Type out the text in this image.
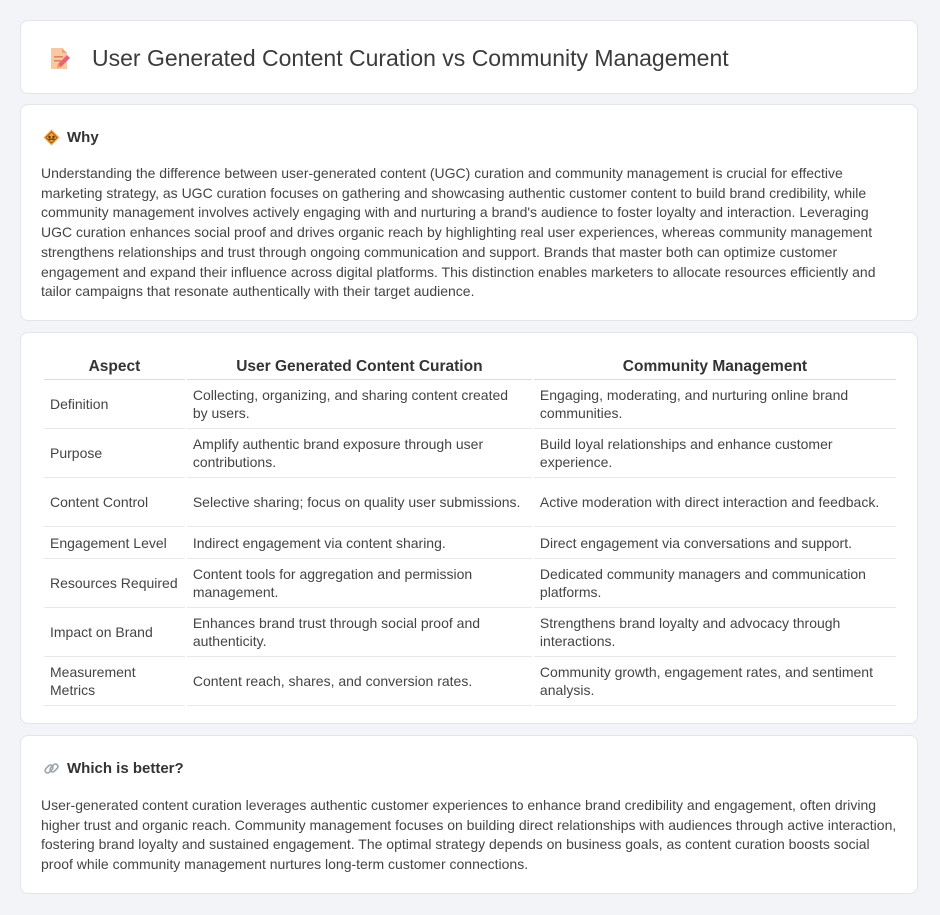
User Generated Content Curation vs Community Management
Why

Understanding the difference between user-generated content (UGC) curation and community management is crucial for effective marketing strategy, as UGC curation focuses on gathering and showcasing authentic customer content to build brand credibility, while community management involves actively engaging with and nurturing a brand's audience to foster loyalty and interaction. Leveraging UGC curation enhances social proof and drives organic reach by highlighting real user experiences, whereas community management strengthens relationships and trust through ongoing communication and support. Brands that master both can optimize customer engagement and expand their influence across digital platforms. This distinction enables marketers to allocate resources efficiently and tailor campaigns that resonate authentically with their target audience.

Aspect	User Generated Content Curation	Community Management
Definition	Collecting, organizing, and sharing content created by users.	Engaging, moderating, and nurturing online brand communities.
Purpose	Amplify authentic brand exposure through user contributions.	Build loyal relationships and enhance customer experience.
Content Control	Selective sharing; focus on quality user submissions.	Active moderation with direct interaction and feedback.
Engagement Level	Indirect engagement via content sharing.	Direct engagement via conversations and support.
Resources Required	Content tools for aggregation and permission management.	Dedicated community managers and communication platforms.
Impact on Brand	Enhances brand trust through social proof and authenticity.	Strengthens brand loyalty and advocacy through interactions.
Measurement Metrics	Content reach, shares, and conversion rates.	Community growth, engagement rates, and sentiment analysis.
Which is better?

User-generated content curation leverages authentic customer experiences to enhance brand credibility and engagement, often driving higher trust and organic reach. Community management focuses on building direct relationships with audiences through active interaction, fostering brand loyalty and sustained engagement. The optimal strategy depends on business goals, as content curation boosts social proof while community management nurtures long-term customer connections.
